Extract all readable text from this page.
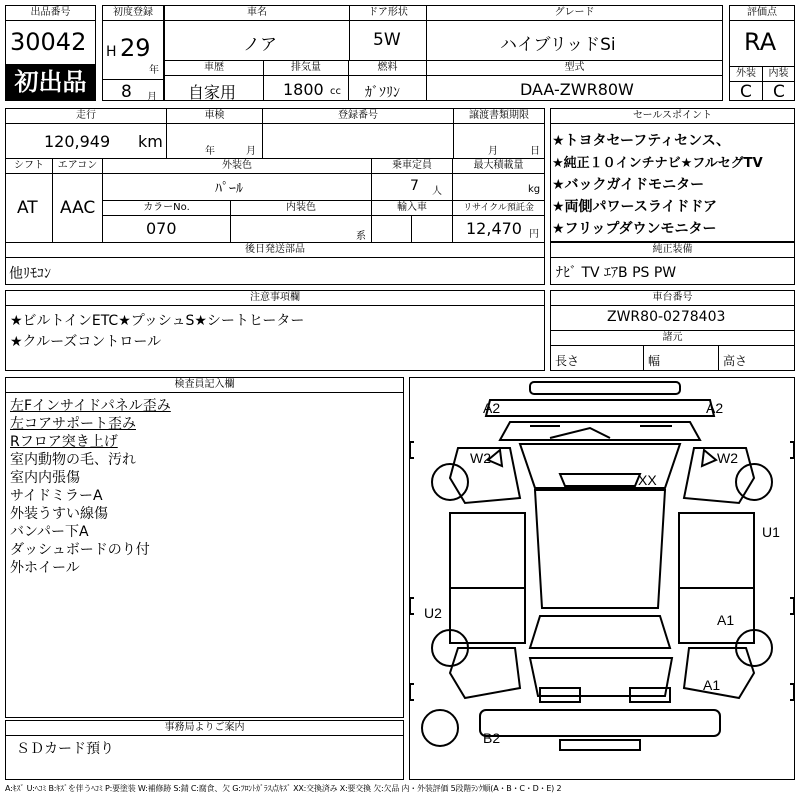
出品番号
30042
初出品
初度登録
H 29
年
8 月
車名
ノア
ドア形状
5W
グレード
ハイブリッドSi
車歴
自家用
排気量
1800 cc
燃料
ｶﾞｿﾘﾝ
型式
DAA-ZWR80W
評価点
RA
外装	内装
C C
走行
120,949 km
車検
年	月
登録番号	譲渡書類期限
月	日
シフト
AT
エアコン
AAC
外装色
ﾊﾟｰﾙ
乗車定員
7 人
最大積載量
kg
カラーNo.
070
内装色
系
輸入車	リサイクル預託金
12,470 円
後日発送部品
他ﾘﾓｺﾝ
セールスポイント
★トヨタセーフティセンス、
★純正１０インチナビ★フルセグTV
★バックガイドモニター
★両側パワースライドドア
★フリップダウンモニター
純正装備
ﾅﾋﾞ TV ｴｱB PS PW
注意事項欄
★ビルトインETC★プッシュS★シートヒーター
★クルーズコントロール
車台番号
ZWR80-0278403
諸元
長さ	幅	高さ
検査員記入欄
左Fインサイドパネル歪み
左コアサポート歪み
Rフロア突き上げ
室内動物の毛、汚れ
室内内張傷
サイドミラーA
外装うすい線傷
バンパー下A
ダッシュボードのり付
外ホイール
A2	A2
W2	W2
XX
U1
U2	A1
A1
B2
事務局よりご案内
ＳＤカード預り
A:ｷｽﾞ U:ﾍｺﾐ B:ｷｽﾞを伴うﾍｺﾐ P:要塗装 W:補修跡 S:錆 C:腐食、欠 G:ﾌﾛﾝﾄｶﾞﾗｽ点ｷｽﾞ XX:交換済み X:要交換 欠:欠品 内・外装評価 5段階ﾗﾝｸ順(A・B・C・D・E) 2
